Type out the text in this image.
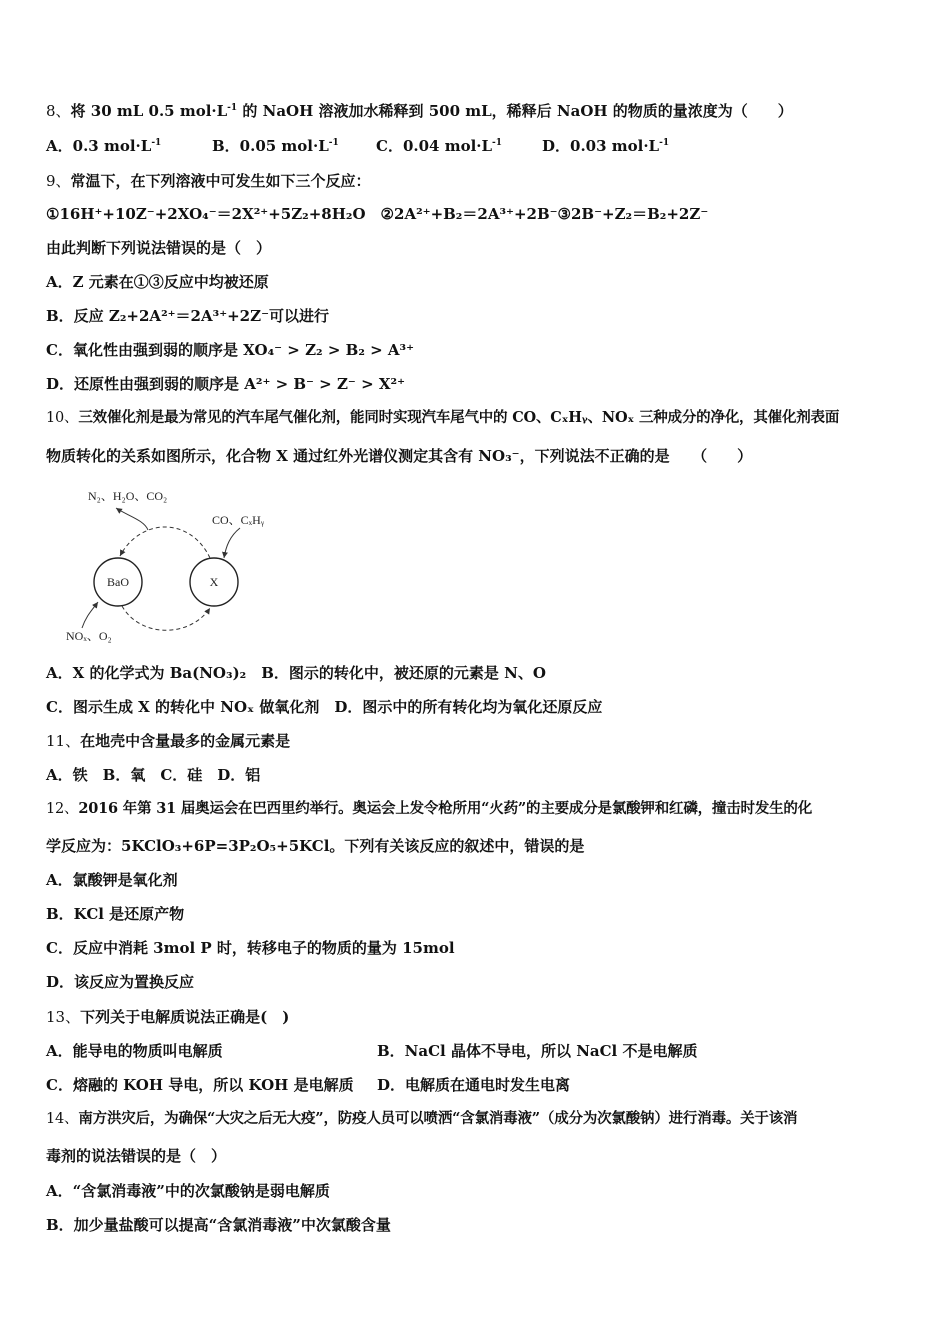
8、将 30 mL 0.5 $mol\cdot L^{-1}$ 的 NaOH 溶液加水稀释到 500 mL，稀释后 NaOH 的物质的量浓度为（　　）
A．0.3 $mol\cdot L^{-1}$	B．0.05 $mol\cdot L^{-1}$ C．0.04 $mol\cdot L^{-1}$	D．0.03 $mol\cdot L^{-1}$
9、常温下，在下列溶液中可发生如下三个反应：
①16H⁺+10Z⁻+2XO₄⁻＝2X²⁺+5Z₂+8H₂O　②2A²⁺+B₂＝2A³⁺+2B⁻③2B⁻+Z₂＝B₂+2Z⁻
由此判断下列说法错误的是（　）
A．Z 元素在①③反应中均被还原
B．反应 Z₂+2A²⁺＝2A³⁺+2Z⁻可以进行
C．氧化性由强到弱的顺序是 XO₄⁻ > Z₂ > B₂ > A³⁺
D．还原性由强到弱的顺序是 A²⁺ > B⁻ > Z⁻ > X²⁺
10、三效催化剂是最为常见的汽车尾气催化剂，能同时实现汽车尾气中的 CO、CₓHᵧ、NOₓ 三种成分的净化，其催化剂表面
物质转化的关系如图所示，化合物 X 通过红外光谱仪测定其含有 NO₃⁻，下列说法不正确的是　　（　　）
N₂、H₂O、CO₂
CO、CₓHᵧ
BaO	X
NOₓ、O₂
A．X 的化学式为 Ba(NO₃)₂　B．图示的转化中，被还原的元素是 N、O
C．图示生成 X 的转化中 NOₓ 做氧化剂　D．图示中的所有转化均为氧化还原反应
11、在地壳中含量最多的金属元素是
A．铁　B．氧　C．硅　D．铝
12、2016 年第 31 届奥运会在巴西里约举行。奥运会上发令枪所用“火药”的主要成分是氯酸钾和红磷，撞击时发生的化
学反应为：5KClO₃+6P=3P₂O₅+5KCl。下列有关该反应的叙述中，错误的是
A．氯酸钾是氧化剂
B．KCl 是还原产物
C．反应中消耗 3mol P 时，转移电子的物质的量为 15mol
D．该反应为置换反应
13、下列关于电解质说法正确是(　)
A．能导电的物质叫电解质	B．NaCl 晶体不导电，所以 NaCl 不是电解质
C．熔融的 KOH 导电，所以 KOH 是电解质 D．电解质在通电时发生电离
14、南方洪灾后，为确保“大灾之后无大疫”，防疫人员可以喷洒“含氯消毒液”（成分为次氯酸钠）进行消毒。关于该消
毒剂的说法错误的是（　）
A．“含氯消毒液”中的次氯酸钠是弱电解质
B．加少量盐酸可以提高“含氯消毒液”中次氯酸含量
